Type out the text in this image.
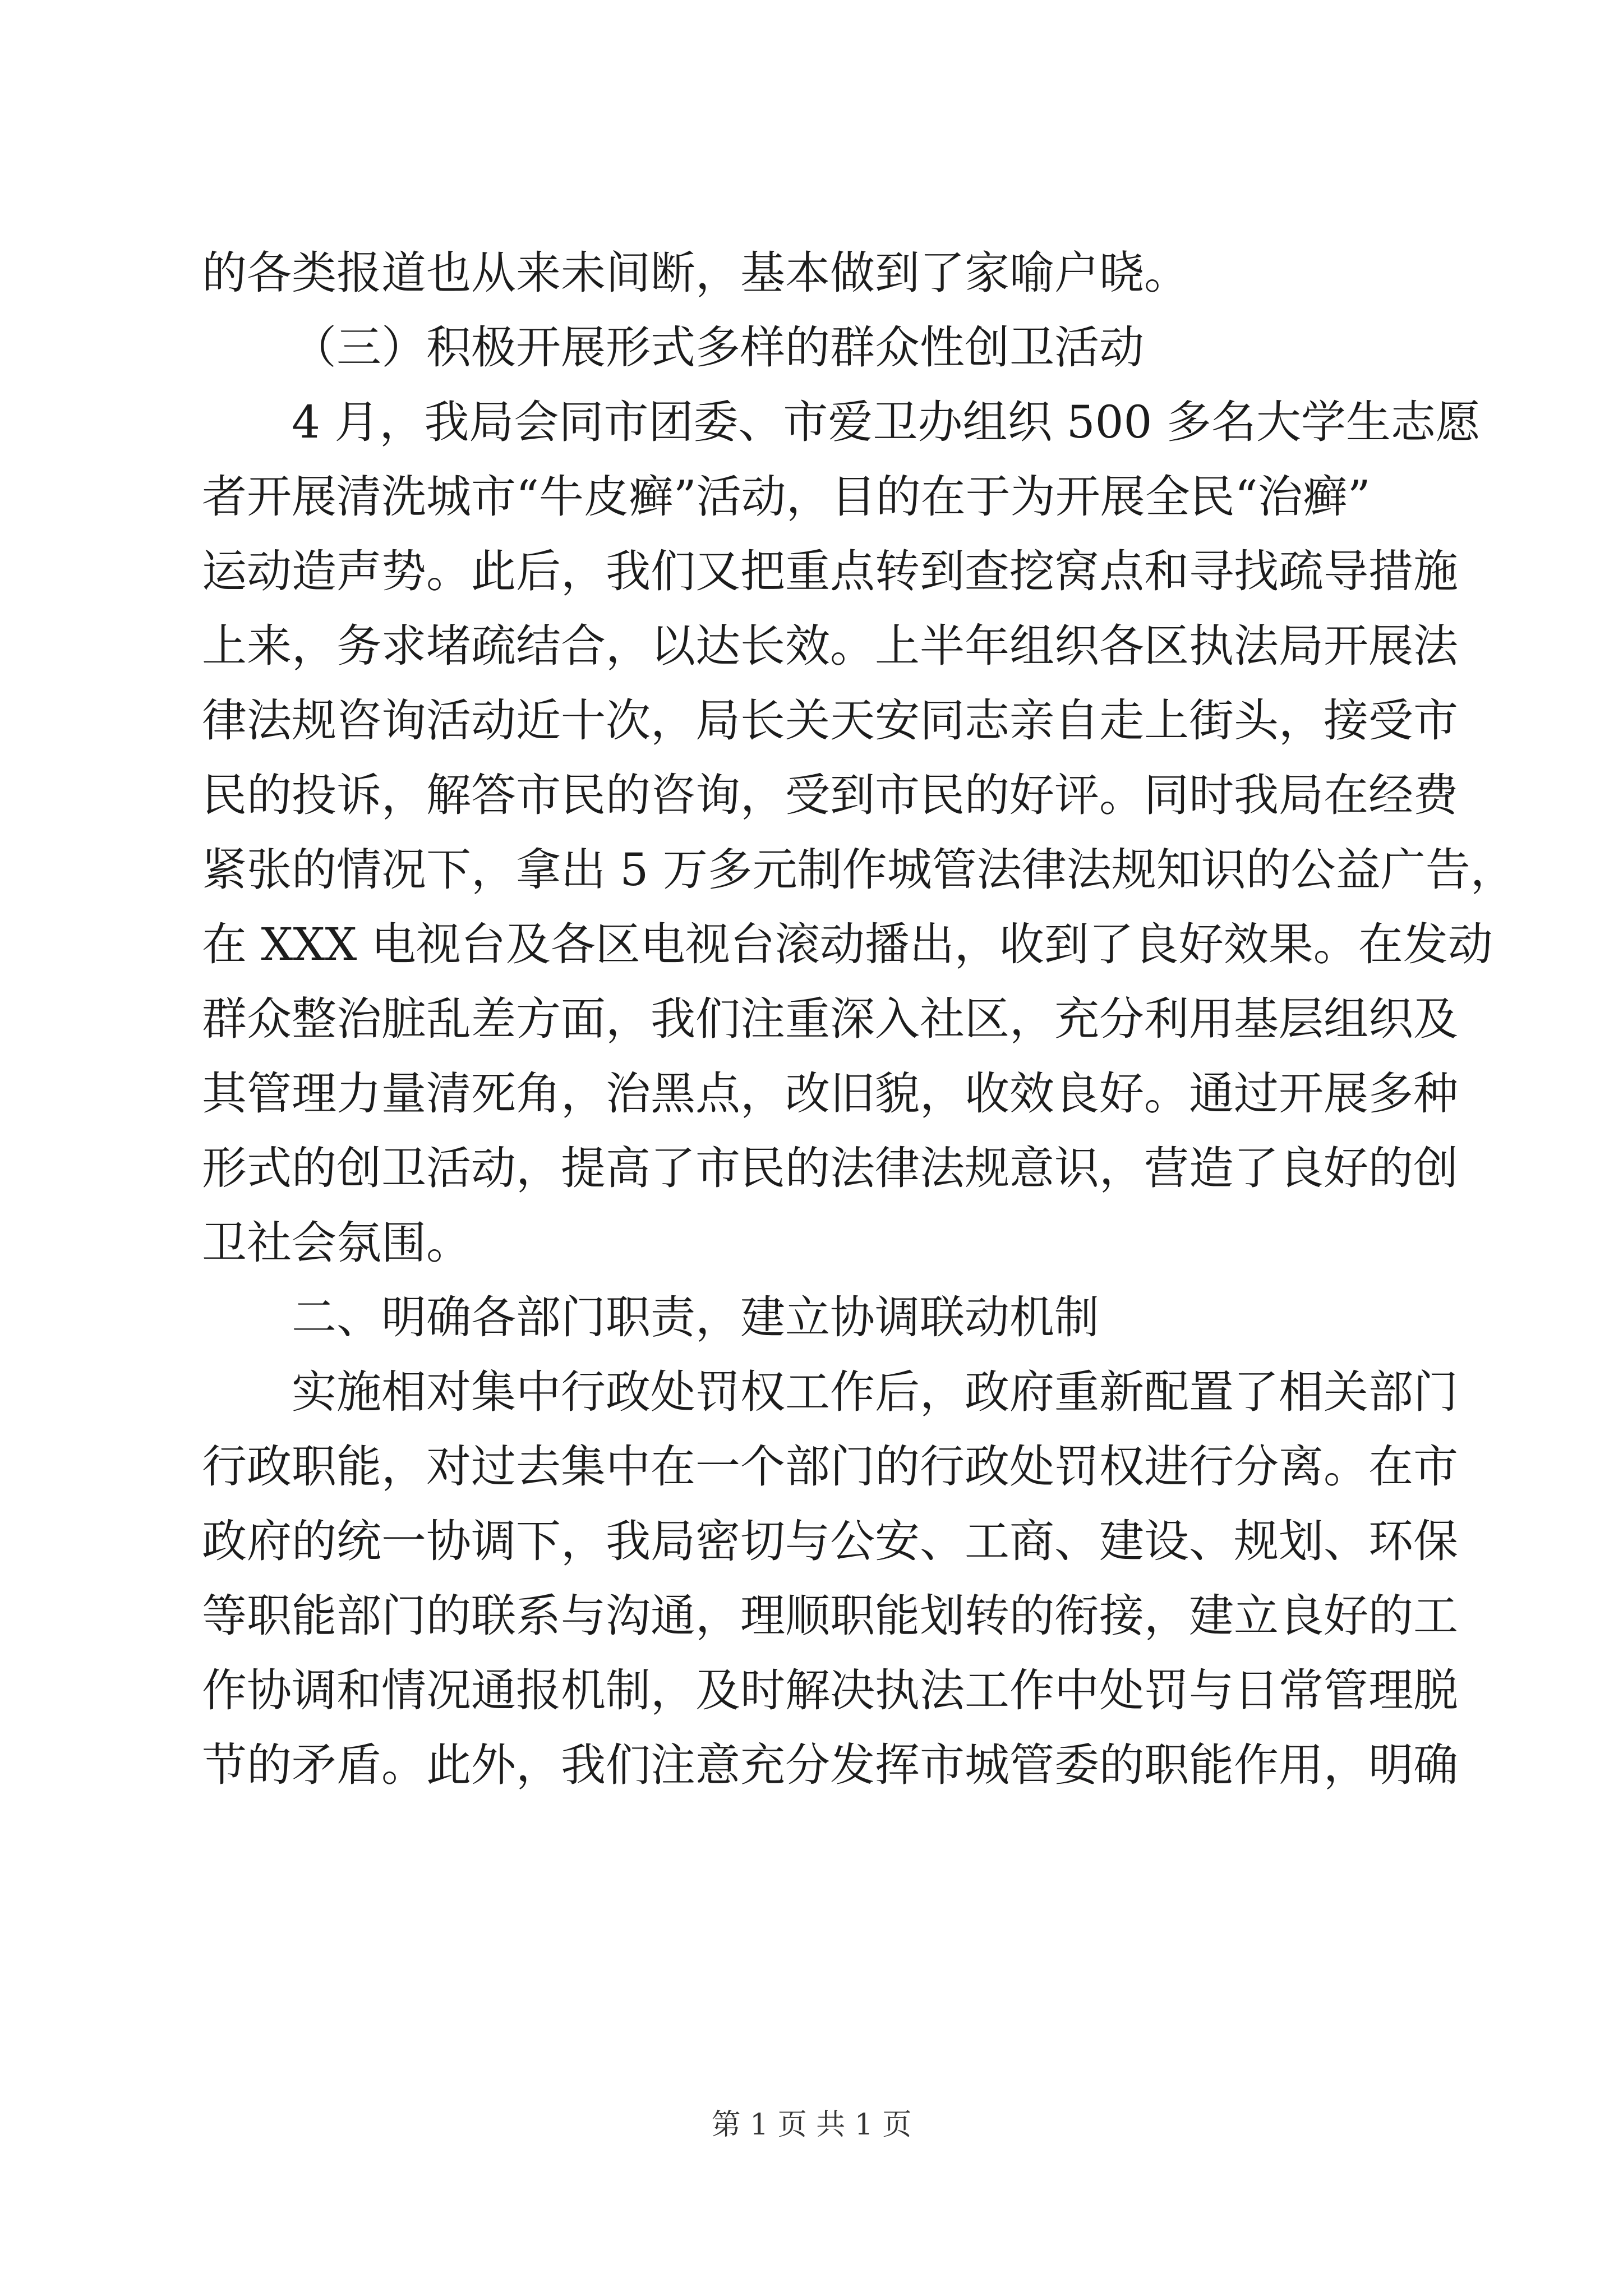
的各类报道也从来未间断，基本做到了家喻户晓。
（三）积极开展形式多样的群众性创卫活动
4 月，我局会同市团委、市爱卫办组织 500 多名大学生志愿
者开展清洗城市“牛皮癣”活动，目的在于为开展全民“治癣”
运动造声势。此后，我们又把重点转到查挖窝点和寻找疏导措施
上来，务求堵疏结合，以达长效。上半年组织各区执法局开展法
律法规咨询活动近十次，局长关天安同志亲自走上街头，接受市
民的投诉，解答市民的咨询，受到市民的好评。同时我局在经费
紧张的情况下，拿出 5 万多元制作城管法律法规知识的公益广告，
在 XXX 电视台及各区电视台滚动播出，收到了良好效果。在发动
群众整治脏乱差方面，我们注重深入社区，充分利用基层组织及
其管理力量清死角，治黑点，改旧貌，收效良好。通过开展多种
形式的创卫活动，提高了市民的法律法规意识，营造了良好的创
卫社会氛围。
二、明确各部门职责，建立协调联动机制
实施相对集中行政处罚权工作后，政府重新配置了相关部门
行政职能，对过去集中在一个部门的行政处罚权进行分离。在市
政府的统一协调下，我局密切与公安、工商、建设、规划、环保
等职能部门的联系与沟通，理顺职能划转的衔接，建立良好的工
作协调和情况通报机制，及时解决执法工作中处罚与日常管理脱
节的矛盾。此外，我们注意充分发挥市城管委的职能作用，明确
第 1 页 共 1 页
